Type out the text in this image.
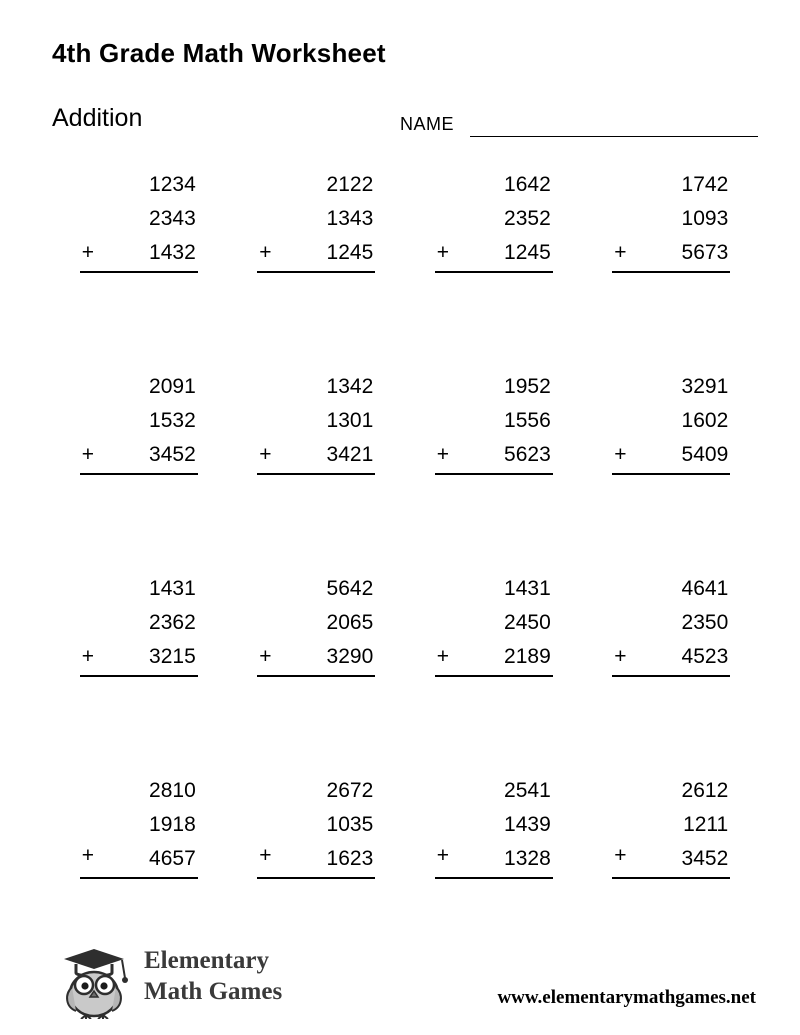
4th Grade Math Worksheet
Addition	NAME
1234
2343
+	1432
2122
1343
+	1245
1642
2352
+	1245
1742
1093
+	5673
2091
1532
+	3452
1342
1301
+	3421
1952
1556
+	5623
3291
1602
+	5409
1431
2362
+	3215
5642
2065
+	3290
1431
2450
+	2189
4641
2350
+	4523
2810
1918
+	4657
2672
1035
+	1623
2541
1439
+	1328
2612
1211
+	3452
Elementary
Math Games	www.elementarymathgames.net
